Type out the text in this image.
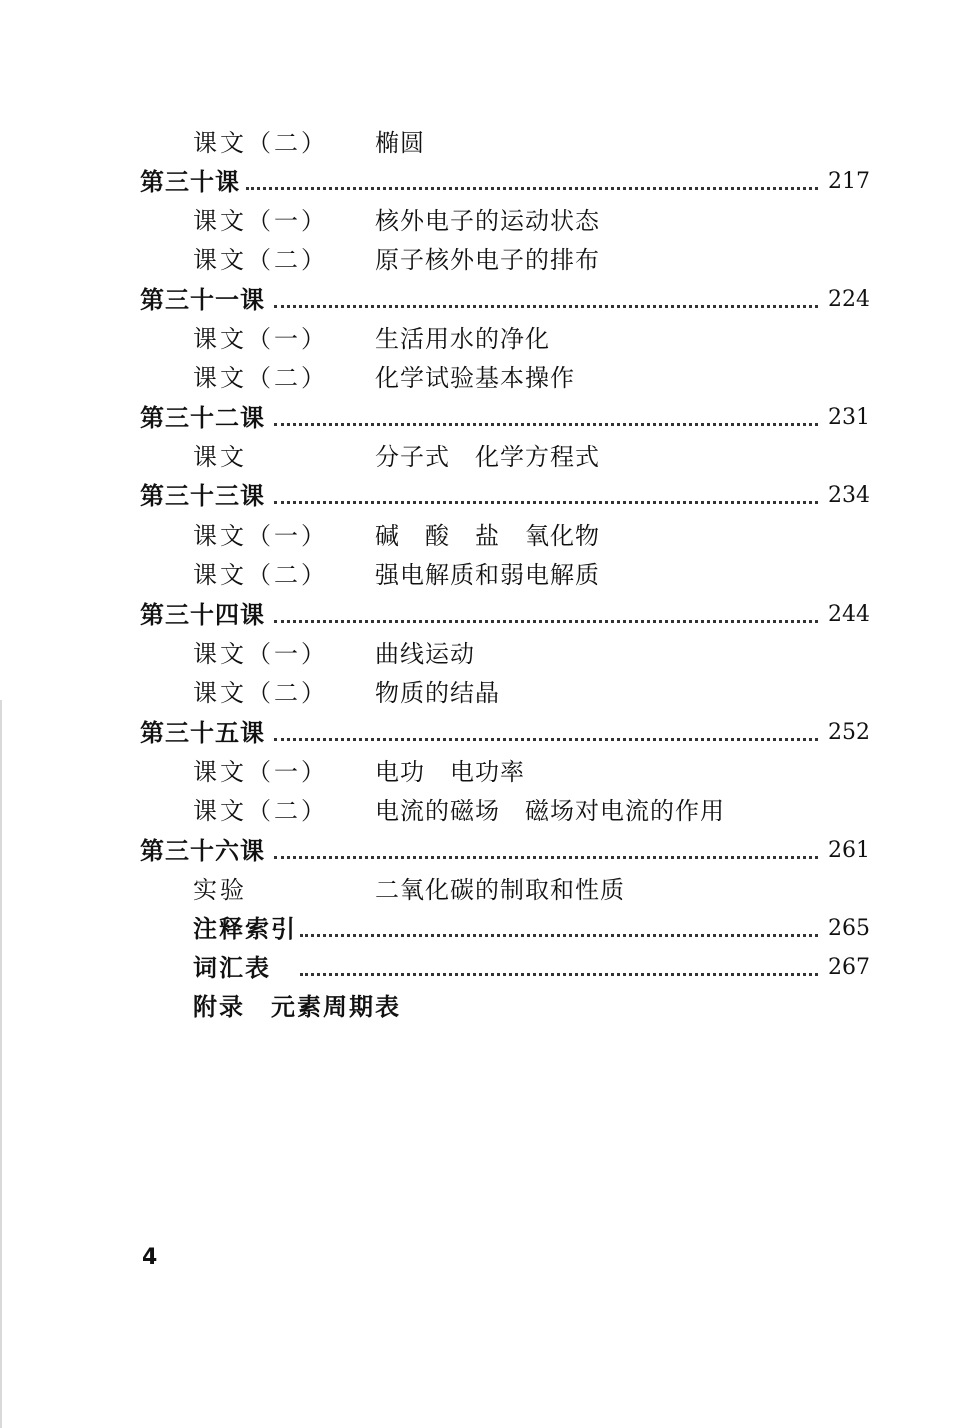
课文（二） 椭圆
第三十课	217
课文（一） 核外电子的运动状态
课文（二） 原子核外电子的排布
第三十一课	224
课文（一） 生活用水的净化
课文（二） 化学试验基本操作
第三十二课	231
课文	分子式　化学方程式
第三十三课	234
课文（一） 碱　酸　盐　氧化物
课文（二） 强电解质和弱电解质
第三十四课	244
课文（一） 曲线运动
课文（二） 物质的结晶
第三十五课	252
课文（一） 电功　电功率
课文（二） 电流的磁场　磁场对电流的作用
第三十六课	261
实验	二氧化碳的制取和性质
注释索引	265
词汇表	267
附录　元素周期表
4
